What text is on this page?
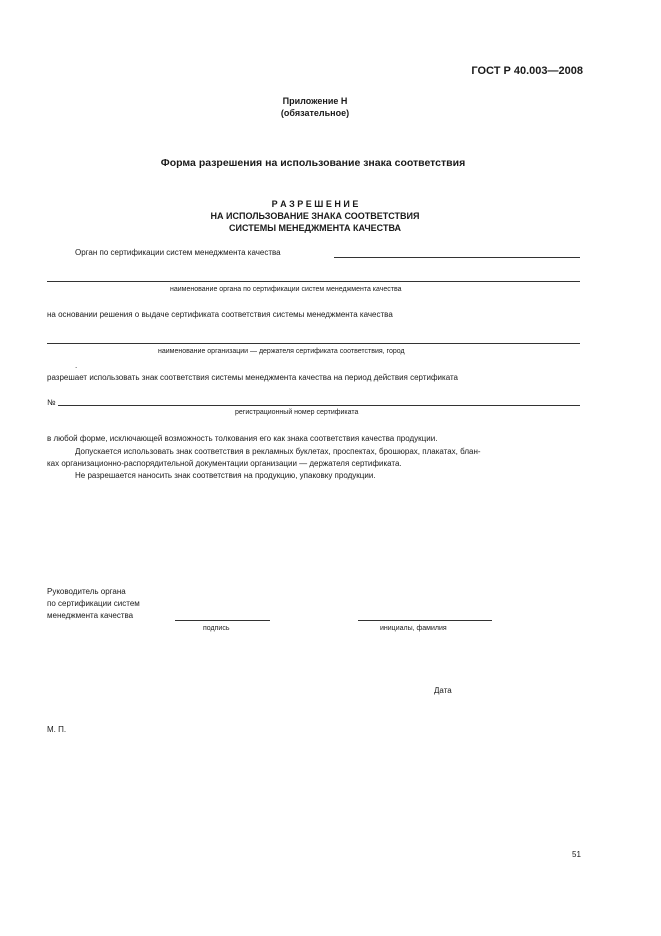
ГОСТ Р 40.003—2008
Приложение Н
(обязательное)
Форма разрешения на использование знака соответствия
Р А З Р Е Ш Е Н И Е
НА ИСПОЛЬЗОВАНИЕ ЗНАКА СООТВЕТСТВИЯ
СИСТЕМЫ МЕНЕДЖМЕНТА КАЧЕСТВА
Орган по сертификации систем менеджмента качества
наименование органа по сертификации систем менеджмента качества
на основании решения о выдаче сертификата соответствия системы менеджмента качества
наименование организации — держателя сертификата соответствия, город
.
разрешает использовать знак соответствия системы менеджмента качества на период действия сертификата
№
регистрационный номер сертификата
в любой форме, исключающей возможность толкования его как знака соответствия качества продукции.
Допускается использовать знак соответствия в рекламных буклетах, проспектах, брошюрах, плакатах, блан-
ках организационно-распорядительной документации организации — держателя сертификата.
Не разрешается наносить знак соответствия на продукцию, упаковку продукции.
Руководитель органа
по сертификации систем
менеджмента качества
подпись	инициалы, фамилия
Дата
М. П.
51
